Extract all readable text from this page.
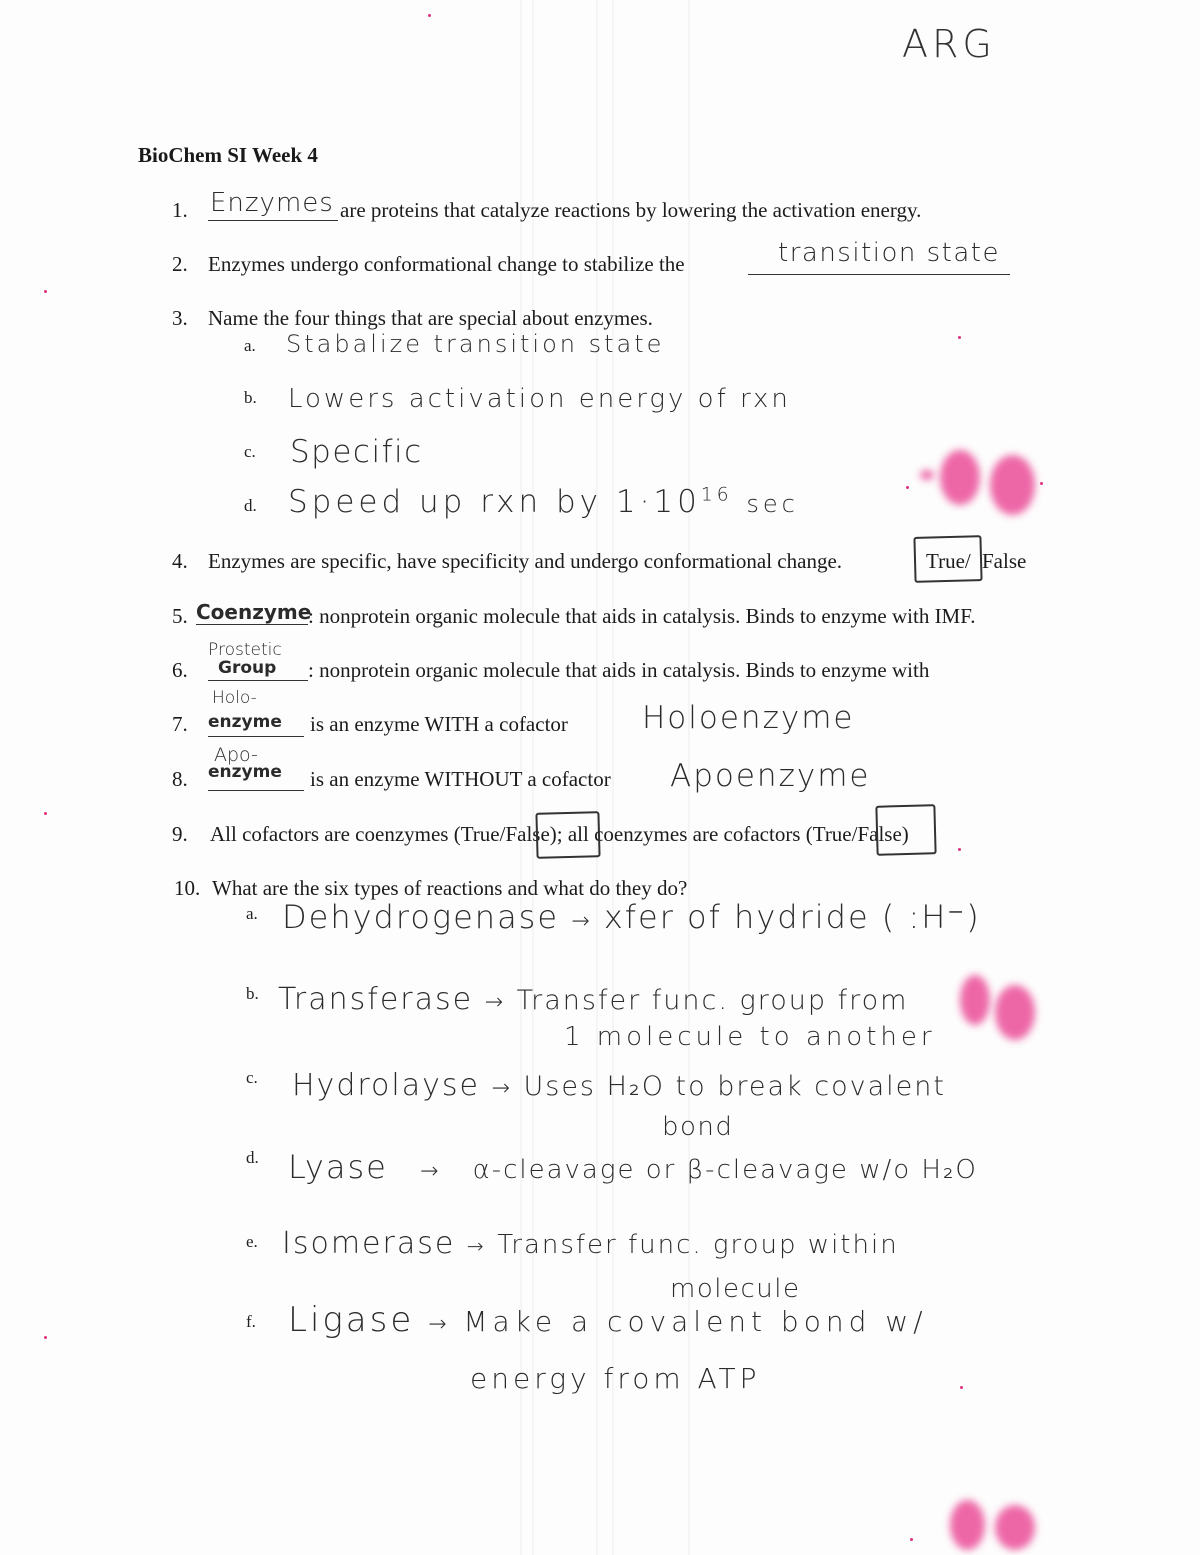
ARG
BioChem SI Week 4
1. Enzymes are proteins that catalyze reactions by lowering the activation energy.
2. Enzymes undergo conformational change to stabilize the	transition state
3. Name the four things that are special about enzymes.
a. Stabalize transition state
b. Lowers activation energy of rxn
c. Specific
d. Speed up rxn by $1\cdot 10^{16}$ sec
4. Enzymes are specific, have specificity and undergo conformational change.	True/ False
5. Coenzyme
: nonprotein organic molecule that aids in catalysis. Binds to enzyme with IMF.
Prostetic
6. Group : nonprotein organic molecule that aids in catalysis. Binds to enzyme with
Holo-
7. enzyme is an enzyme WITH a cofactor Holoenzyme
Apo-
8. enzyme is an enzyme WITHOUT a cofactor Apoenzyme
9. All cofactors are coenzymes (True/False); all coenzymes are cofactors (True/False)
10. What are the six types of reactions and what do they do?
a. Dehydrogenase → xfer of hydride ( :H⁻)
b. Transferase → Transfer func. group from
1 molecule to another
c. Hydrolayse → Uses H₂O to break covalent
bond
d. Lyase → α-cleavage or β-cleavage w/o H₂O
e. Isomerase → Transfer func. group within
molecule
f. Ligase → Make a covalent bond w/
energy from ATP
